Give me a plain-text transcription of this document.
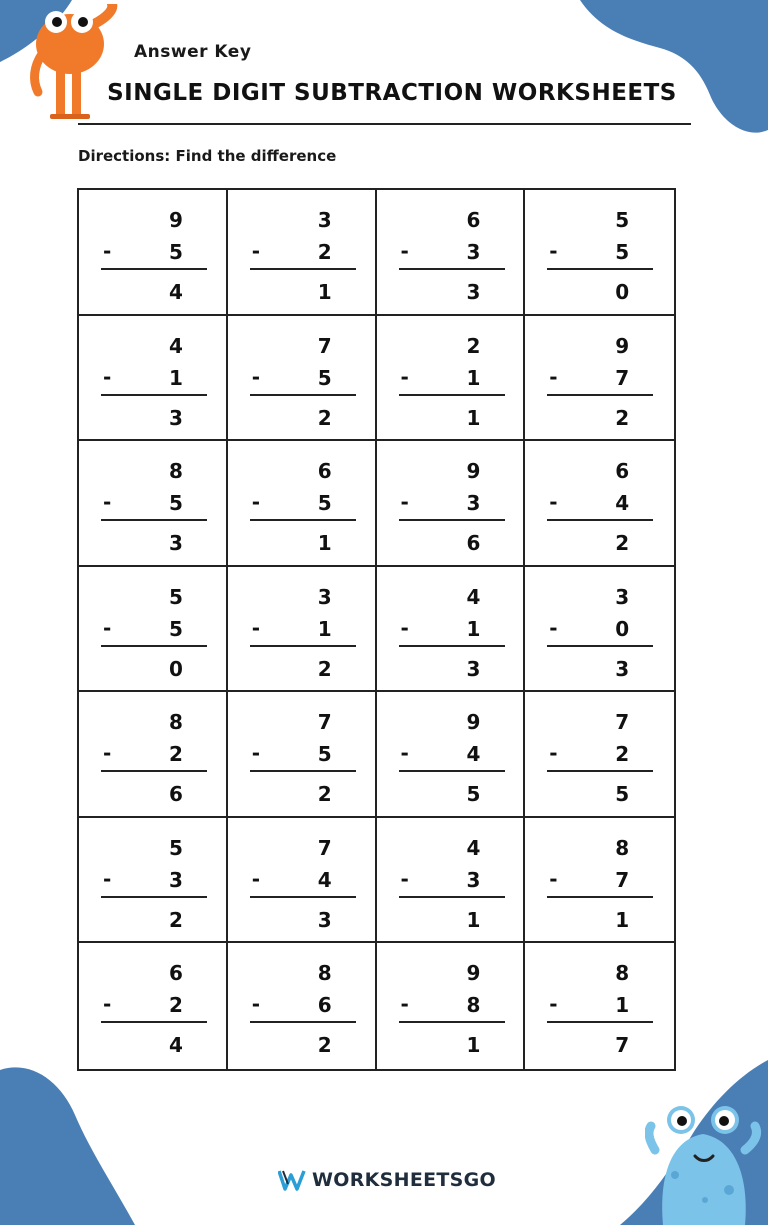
Answer Key
SINGLE DIGIT SUBTRACTION WORKSHEETS
Directions: Find the difference
9
-	5
4
3
-	2
1
6
-	3
3
5
-	5
0
4
-	1
3
7
-	5
2
2
-	1
1
9
-	7
2
8
-	5
3
6
-	5
1
9
-	3
6
6
-	4
2
5
-	5
0
3
-	1
2
4
-	1
3
3
-	0
3
8
-	2
6
7
-	5
2
9
-	4
5
7
-	2
5
5
-	3
2
7
-	4
3
4
-	3
1
8
-	7
1
6
-	2
4
8
-	6
2
9
-	8
1
8
-	1
7
WORKSHEETSGO
